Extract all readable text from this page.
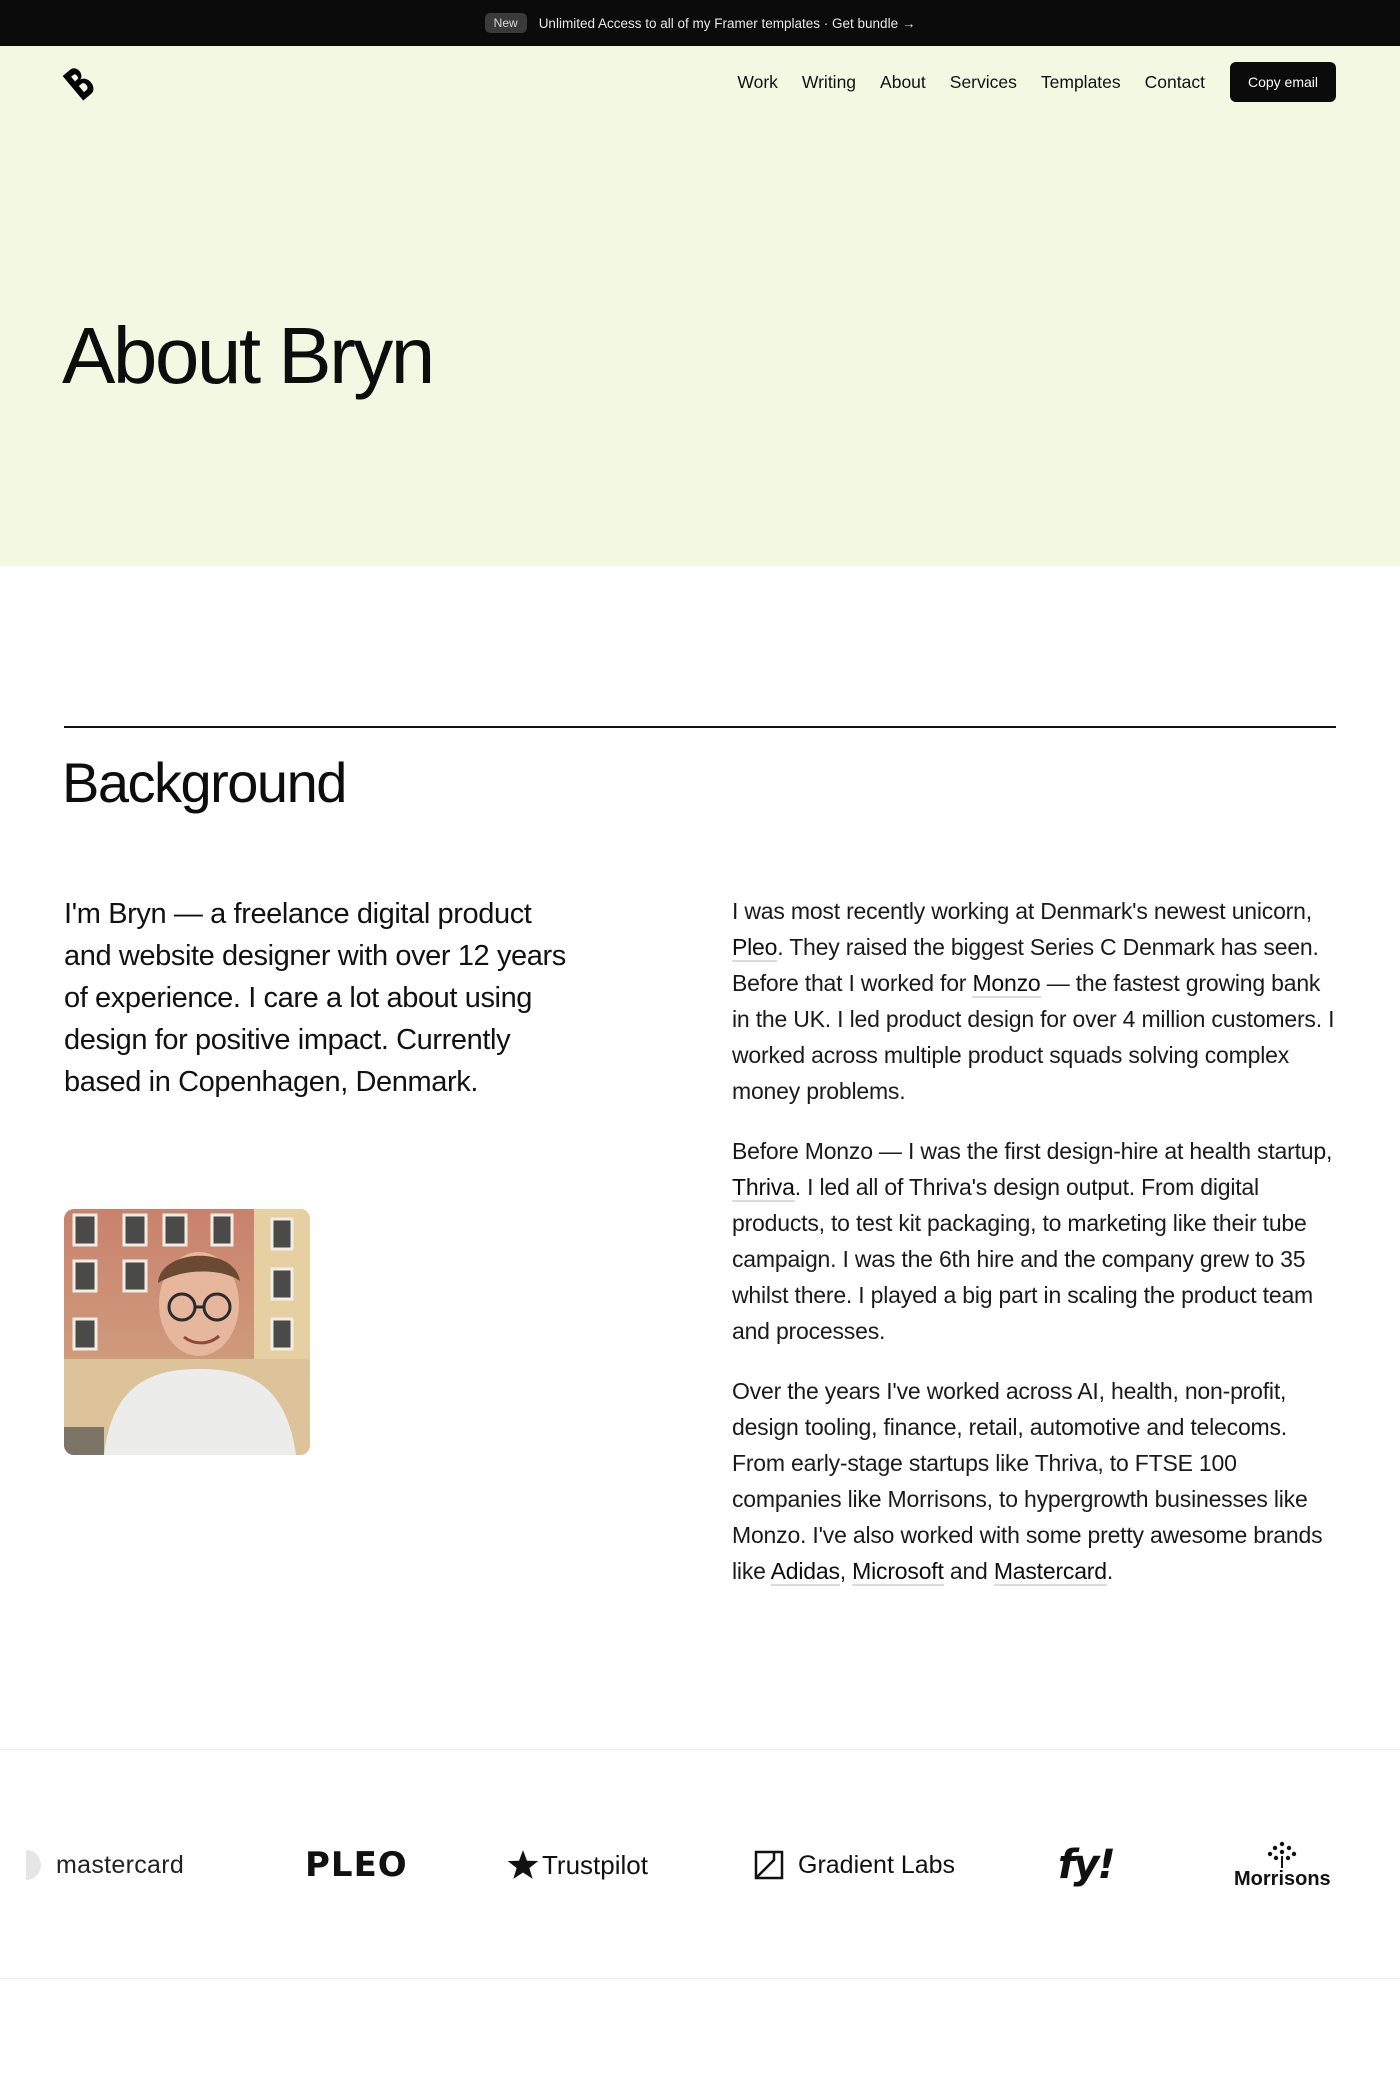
New	Unlimited Access to all of my Framer templates · Get bundle →
Work Writing About Services Templates Contact	Copy email
About Bryn
Background

I'm Bryn — a freelance digital product and website designer with over 12 years of experience. I care a lot about using design for positive impact. Currently based in Copenhagen, Denmark.

I was most recently working at Denmark's newest unicorn, Pleo. They raised the biggest Series C Denmark has seen. Before that I worked for Monzo — the fastest growing bank in the UK. I led product design for over 4 million customers. I worked across multiple product squads solving complex money problems.

Before Monzo — I was the first design-hire at health startup, Thriva. I led all of Thriva's design output. From digital products, to test kit packaging, to marketing like their tube campaign. I was the 6th hire and the company grew to 35 whilst there. I played a big part in scaling the product team and processes.

Over the years I've worked across AI, health, non-profit, design tooling, finance, retail, automotive and telecoms. From early-stage startups like Thriva, to FTSE 100 companies like Morrisons, to hypergrowth businesses like Monzo. I've also worked with some pretty awesome brands like Adidas, Microsoft and Mastercard.

mastercard	PLEO	Trustpilot	Gradient Labs	fy!	Morrisons
